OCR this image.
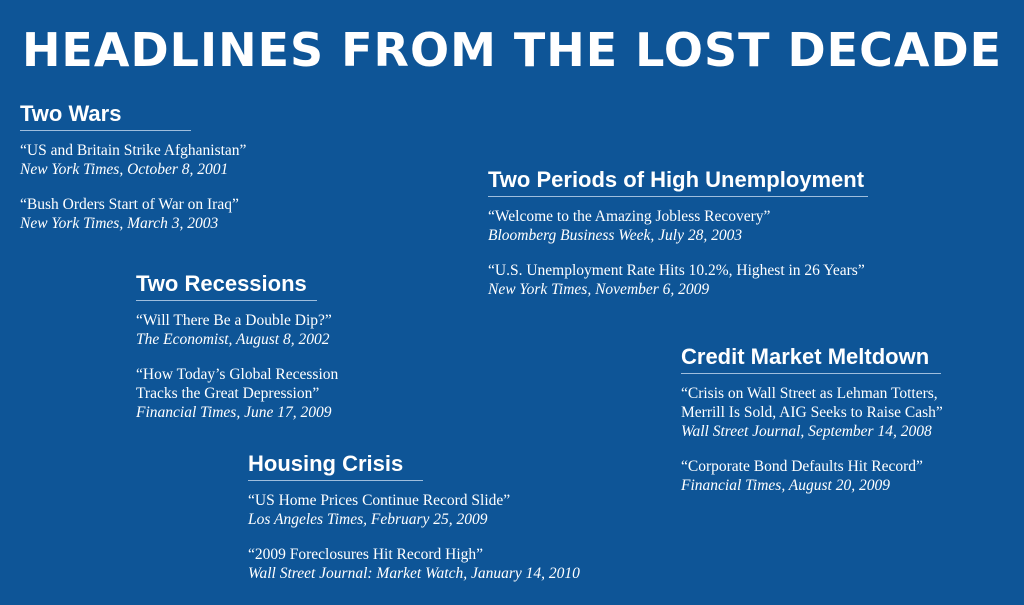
HEADLINES FROM THE LOST DECADE
Two Wars
“US and Britain Strike Afghanistan”
New York Times, October 8, 2001
“Bush Orders Start of War on Iraq”
New York Times, March 3, 2003
Two Recessions
“Will There Be a Double Dip?”
The Economist, August 8, 2002
“How Today’s Global Recession
Tracks the Great Depression”
Financial Times, June 17, 2009
Housing Crisis
“US Home Prices Continue Record Slide”
Los Angeles Times, February 25, 2009
“2009 Foreclosures Hit Record High”
Wall Street Journal: Market Watch, January 14, 2010
Two Periods of High Unemployment
“Welcome to the Amazing Jobless Recovery”
Bloomberg Business Week, July 28, 2003
“U.S. Unemployment Rate Hits 10.2%, Highest in 26 Years”
New York Times, November 6, 2009
Credit Market Meltdown
“Crisis on Wall Street as Lehman Totters,
Merrill Is Sold, AIG Seeks to Raise Cash”
Wall Street Journal, September 14, 2008
“Corporate Bond Defaults Hit Record”
Financial Times, August 20, 2009
